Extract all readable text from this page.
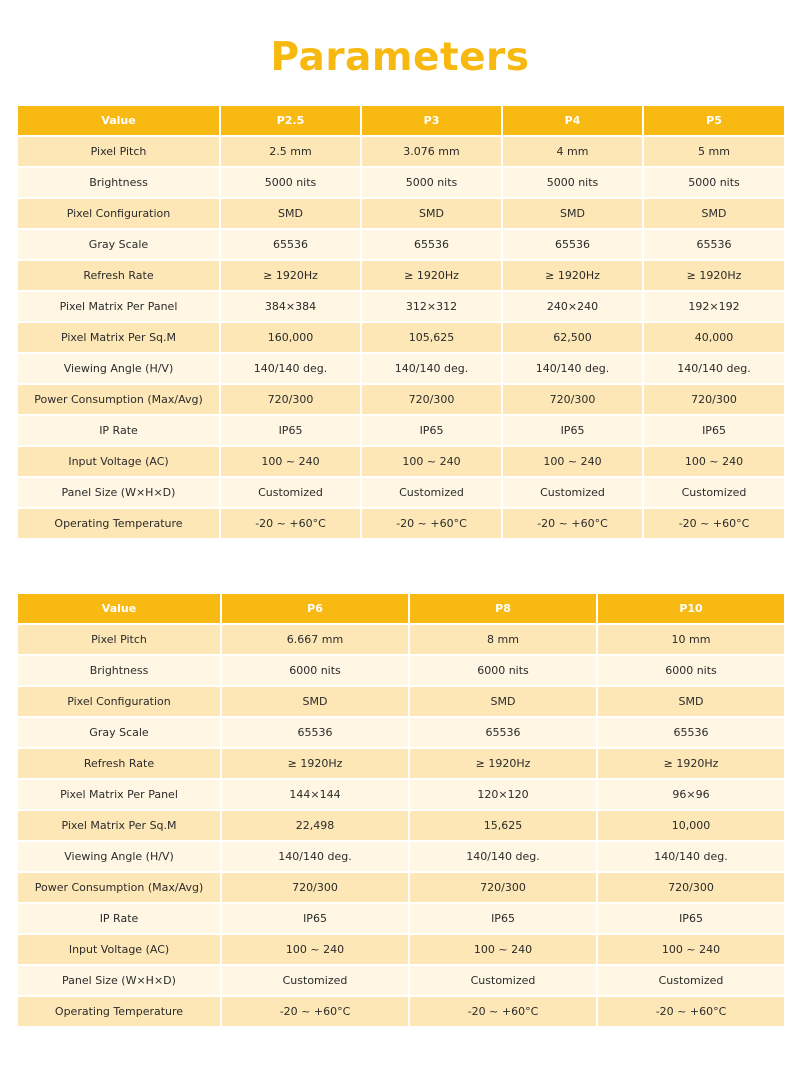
Parameters
Value	P2.5	P3	P4	P5
Pixel Pitch	2.5 mm	3.076 mm	4 mm	5 mm
Brightness	5000 nits	5000 nits	5000 nits	5000 nits
Pixel Configuration	SMD	SMD	SMD	SMD
Gray Scale	65536	65536	65536	65536
Refresh Rate	≥ 1920Hz	≥ 1920Hz	≥ 1920Hz	≥ 1920Hz
Pixel Matrix Per Panel	384×384	312×312	240×240	192×192
Pixel Matrix Per Sq.M	160,000	105,625	62,500	40,000
Viewing Angle (H/V)	140/140 deg.	140/140 deg.	140/140 deg.	140/140 deg.
Power Consumption (Max/Avg)	720/300	720/300	720/300	720/300
IP Rate	IP65	IP65	IP65	IP65
Input Voltage (AC)	100 ~ 240	100 ~ 240	100 ~ 240	100 ~ 240
Panel Size (W×H×D)	Customized	Customized	Customized	Customized
Operating Temperature	-20 ~ +60°C	-20 ~ +60°C	-20 ~ +60°C	-20 ~ +60°C
Value	P6	P8	P10
Pixel Pitch	6.667 mm	8 mm	10 mm
Brightness	6000 nits	6000 nits	6000 nits
Pixel Configuration	SMD	SMD	SMD
Gray Scale	65536	65536	65536
Refresh Rate	≥ 1920Hz	≥ 1920Hz	≥ 1920Hz
Pixel Matrix Per Panel	144×144	120×120	96×96
Pixel Matrix Per Sq.M	22,498	15,625	10,000
Viewing Angle (H/V)	140/140 deg.	140/140 deg.	140/140 deg.
Power Consumption (Max/Avg)	720/300	720/300	720/300
IP Rate	IP65	IP65	IP65
Input Voltage (AC)	100 ~ 240	100 ~ 240	100 ~ 240
Panel Size (W×H×D)	Customized	Customized	Customized
Operating Temperature	-20 ~ +60°C	-20 ~ +60°C	-20 ~ +60°C
